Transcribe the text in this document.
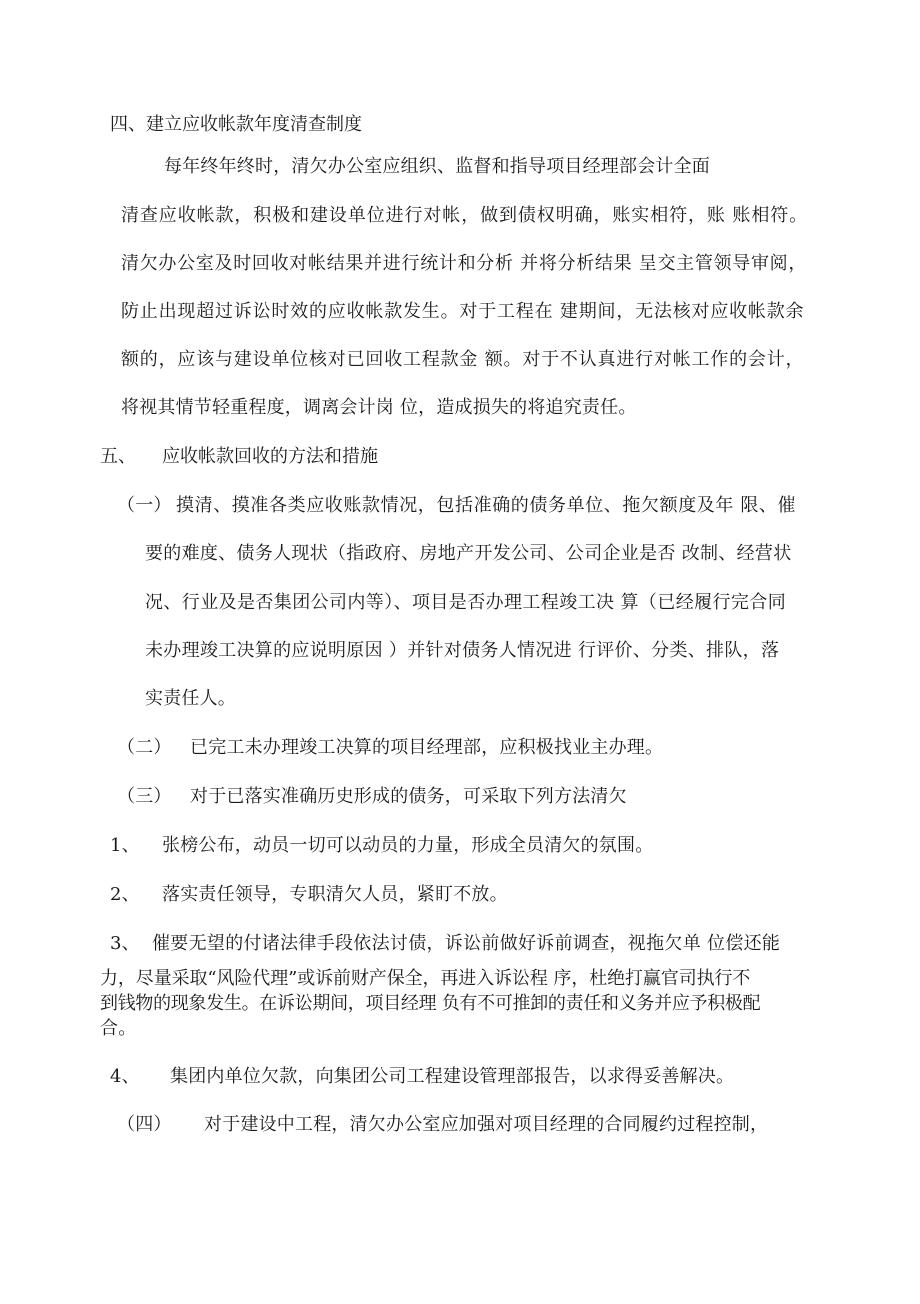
四、建立应收帐款年度清查制度
每年终年终时，清欠办公室应组织、监督和指导项目经理部会计全面
清查应收帐款，积极和建设单位进行对帐，做到债权明确，账实相符，账 账相符。
清欠办公室及时回收对帐结果并进行统计和分析 并将分析结果 呈交主管领导审阅，
防止出现超过诉讼时效的应收帐款发生。对于工程在 建期间，无法核对应收帐款余
额的，应该与建设单位核对已回收工程款金 额。对于不认真进行对帐工作的会计，
将视其情节轻重程度，调离会计岗 位，造成损失的将追究责任。
五、 应收帐款回收的方法和措施
（一） 摸清、摸准各类应收账款情况，包括准确的债务单位、拖欠额度及年 限、催
要的难度、债务人现状（指政府、房地产开发公司、公司企业是否 改制、经营状
况、行业及是否集团公司内等）、项目是否办理工程竣工决 算（已经履行完合同
未办理竣工决算的应说明原因 ）并针对债务人情况进 行评价、分类、排队，落
实责任人。
（二） 已完工未办理竣工决算的项目经理部，应积极找业主办理。
（三） 对于已落实准确历史形成的债务，可采取下列方法清欠
1、 张榜公布，动员一切可以动员的力量，形成全员清欠的氛围。
2、 落实责任领导，专职清欠人员，紧盯不放。
3、 催要无望的付诸法律手段依法讨债，诉讼前做好诉前调查，视拖欠单 位偿还能
力，尽量采取“风险代理”或诉前财产保全，再进入诉讼程 序，杜绝打赢官司执行不
到钱物的现象发生。在诉讼期间，项目经理 负有不可推卸的责任和义务并应予积极配
合。
4、 集团内单位欠款，向集团公司工程建设管理部报告，以求得妥善解决。
（四） 对于建设中工程，清欠办公室应加强对项目经理的合同履约过程控制，
